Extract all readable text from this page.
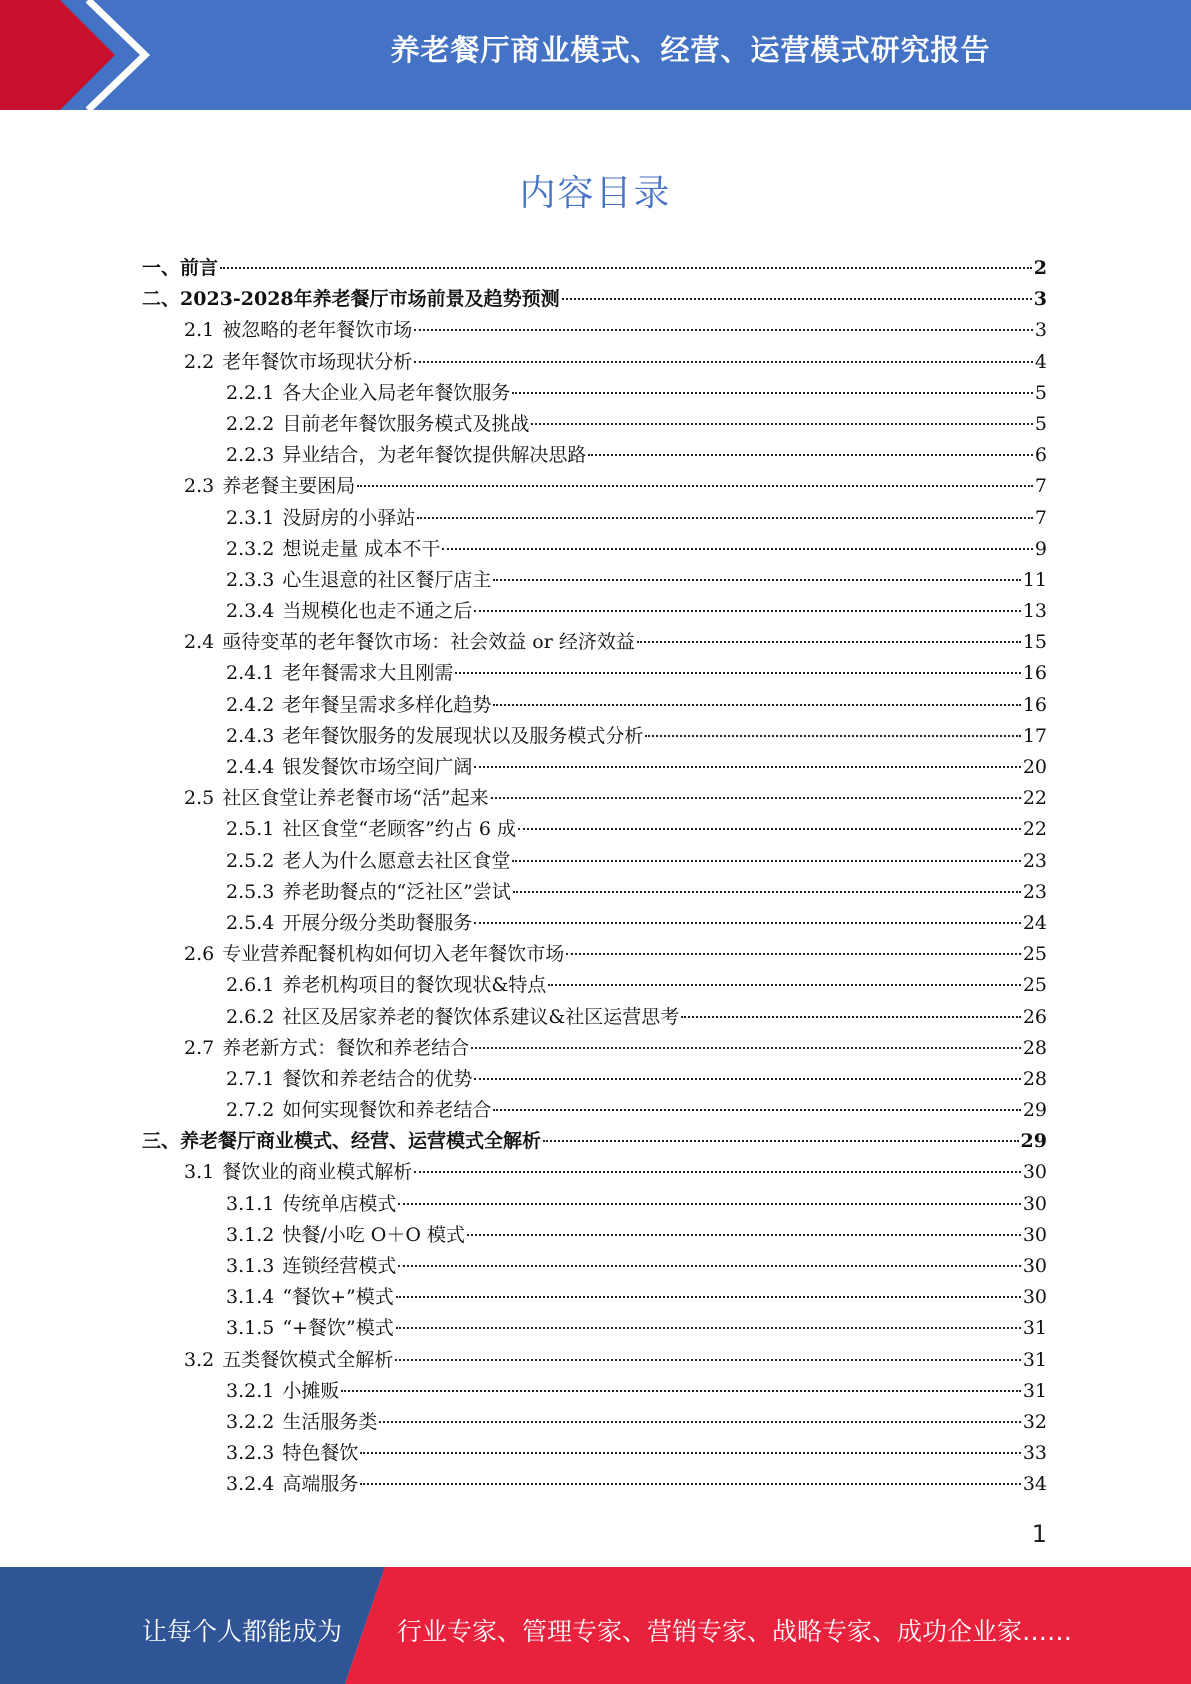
养老餐厅商业模式、经营、运营模式研究报告
内容目录
一、前言	2
二、2023-2028年养老餐厅市场前景及趋势预测	3
2.1 被忽略的老年餐饮市场	3
2.2 老年餐饮市场现状分析	4
2.2.1 各大企业入局老年餐饮服务	5
2.2.2 目前老年餐饮服务模式及挑战	5
2.2.3 异业结合，为老年餐饮提供解决思路	6
2.3 养老餐主要困局	7
2.3.1 没厨房的小驿站	7
2.3.2 想说走量 成本不干	9
2.3.3 心生退意的社区餐厅店主	11
2.3.4 当规模化也走不通之后	13
2.4 亟待变革的老年餐饮市场：社会效益 or 经济效益	15
2.4.1 老年餐需求大且刚需	16
2.4.2 老年餐呈需求多样化趋势	16
2.4.3 老年餐饮服务的发展现状以及服务模式分析	17
2.4.4 银发餐饮市场空间广阔	20
2.5 社区食堂让养老餐市场“活”起来	22
2.5.1 社区食堂“老顾客”约占 6 成	22
2.5.2 老人为什么愿意去社区食堂	23
2.5.3 养老助餐点的“泛社区”尝试	23
2.5.4 开展分级分类助餐服务	24
2.6 专业营养配餐机构如何切入老年餐饮市场	25
2.6.1 养老机构项目的餐饮现状&特点	25
2.6.2 社区及居家养老的餐饮体系建议&社区运营思考	26
2.7 养老新方式：餐饮和养老结合	28
2.7.1 餐饮和养老结合的优势	28
2.7.2 如何实现餐饮和养老结合	29
三、养老餐厅商业模式、经营、运营模式全解析	29
3.1 餐饮业的商业模式解析	30
3.1.1 传统单店模式	30
3.1.2 快餐/小吃 O＋O 模式	30
3.1.3 连锁经营模式	30
3.1.4 “餐饮+”模式	30
3.1.5 “+餐饮”模式	31
3.2 五类餐饮模式全解析	31
3.2.1 小摊贩	31
3.2.2 生活服务类	32
3.2.3 特色餐饮	33
3.2.4 高端服务	34
1
让每个人都能成为 行业专家、管理专家、营销专家、战略专家、成功企业家……
